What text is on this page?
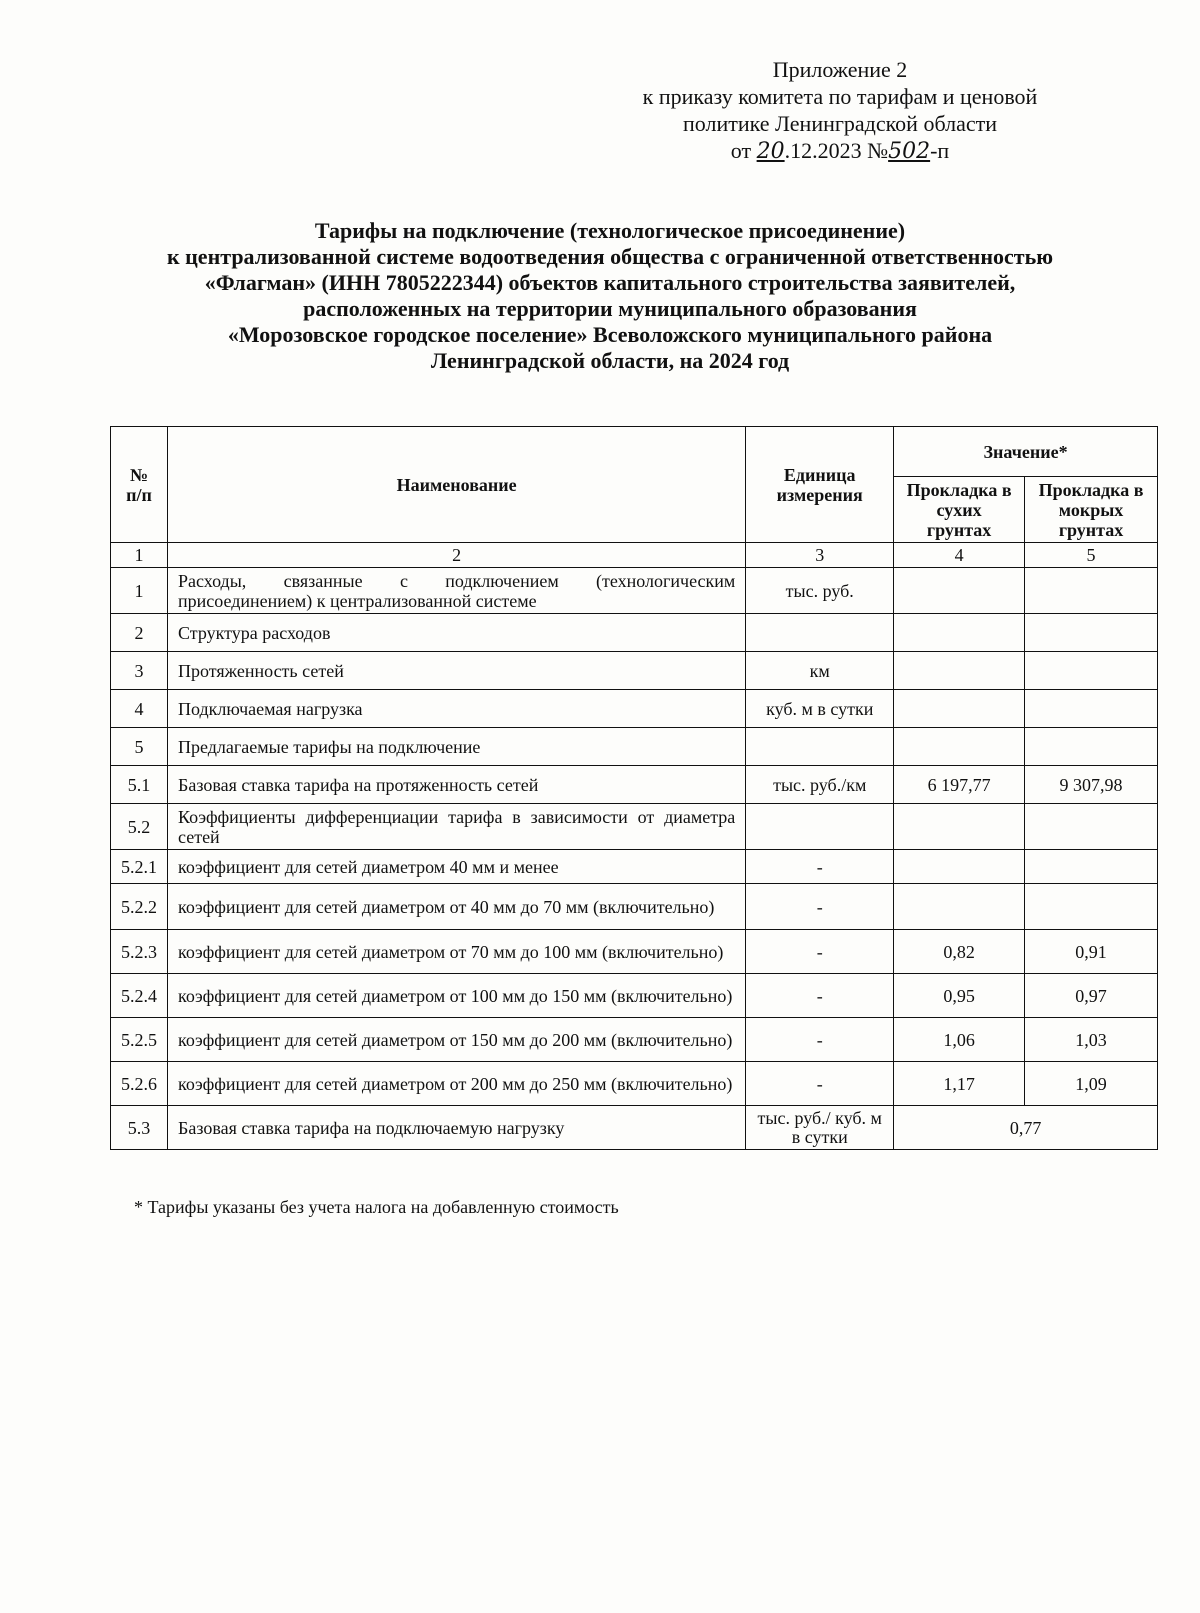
Приложение 2
к приказу комитета по тарифам и ценовой
политике Ленинградской области
от 20.12.2023 №502-п
Тарифы на подключение (технологическое присоединение)
к централизованной системе водоотведения общества с ограниченной ответственностью
«Флагман» (ИНН 7805222344) объектов капитального строительства заявителей,
расположенных на территории муниципального образования
«Морозовское городское поселение» Всеволожского муниципального района
Ленинградской области, на 2024 год
№ п/п	Наименование	Единица измерения	Значение*	
			Прокладка в сухих грунтах	Прокладка в мокрых грунтах
1	2	3	4	5
1	Расходы, связанные с подключением (технологическим присоединением) к централизованной системе	тыс. руб.		
2	Структура расходов			
3	Протяженность сетей	км		
4	Подключаемая нагрузка	куб. м в сутки		
5	Предлагаемые тарифы на подключение			
5.1	Базовая ставка тарифа на протяженность сетей	тыс. руб./км	6 197,77	9 307,98
5.2	Коэффициенты дифференциации тарифа в зависимости от диаметра сетей			
5.2.1	коэффициент для сетей диаметром 40 мм и менее	-		
5.2.2	коэффициент для сетей диаметром от 40 мм до 70 мм (включительно)	-		
5.2.3	коэффициент для сетей диаметром от 70 мм до 100 мм (включительно)	-	0,82	0,91
5.2.4	коэффициент для сетей диаметром от 100 мм до 150 мм (включительно)	-	0,95	0,97
5.2.5	коэффициент для сетей диаметром от 150 мм до 200 мм (включительно)	-	1,06	1,03
5.2.6	коэффициент для сетей диаметром от 200 мм до 250 мм (включительно)	-	1,17	1,09
5.3	Базовая ставка тарифа на подключаемую нагрузку	тыс. руб./ куб. м в сутки	0,77	
* Тарифы указаны без учета налога на добавленную стоимость
